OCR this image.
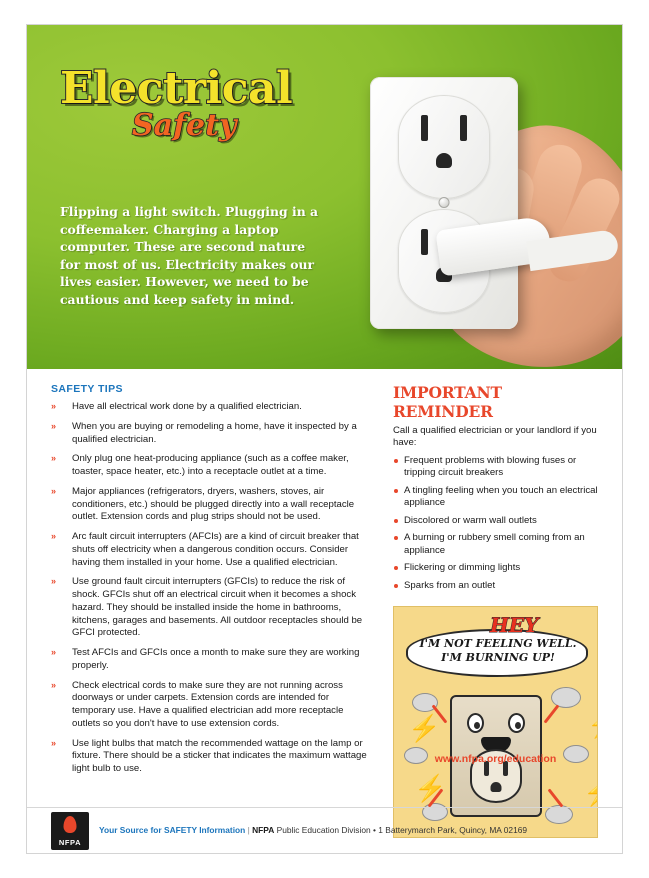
Electrical
Safety
Flipping a light switch. Plugging in a coffeemaker. Charging a laptop computer. These are second nature for most of us. Electricity makes our lives easier. However, we need to be cautious and keep safety in mind.
SAFETY TIPS
» Have all electrical work done by a qualified electrician.
» When you are buying or remodeling a home, have it inspected by a qualified electrician.
» Only plug one heat-producing appliance (such as a coffee maker, toaster, space heater, etc.) into a receptacle outlet at a time.
» Major appliances (refrigerators, dryers, washers, stoves, air conditioners, etc.) should be plugged directly into a wall receptacle outlet. Extension cords and plug strips should not be used.
» Arc fault circuit interrupters (AFCIs) are a kind of circuit breaker that shuts off electricity when a dangerous condition occurs. Consider having them installed in your home. Use a qualified electrician.
» Use ground fault circuit interrupters (GFCIs) to reduce the risk of shock. GFCIs shut off an electrical circuit when it becomes a shock hazard. They should be installed inside the home in bathrooms, kitchens, garages and basements. All outdoor receptacles should be GFCI protected.
» Test AFCIs and GFCIs once a month to make sure they are working properly.
» Check electrical cords to make sure they are not running across doorways or under carpets. Extension cords are intended for temporary use. Have a qualified electrician add more receptacle outlets so you don't have to use extension cords.
» Use light bulbs that match the recommended wattage on the lamp or fixture. There should be a sticker that indicates the maximum wattage light bulb to use.
IMPORTANT REMINDER

Call a qualified electrician or your landlord if you have:

Frequent problems with blowing fuses or tripping circuit breakers
A tingling feeling when you touch an electrical appliance
Discolored or warm wall outlets
A burning or rubbery smell coming from an appliance
Flickering or dimming lights
Sparks from an outlet
HEY
I'M NOT FEELING WELL. I'M BURNING UP!
www.nfpa.org/education
NFPA
Your Source for SAFETY Information | NFPA Public Education Division • 1 Batterymarch Park, Quincy, MA 02169
